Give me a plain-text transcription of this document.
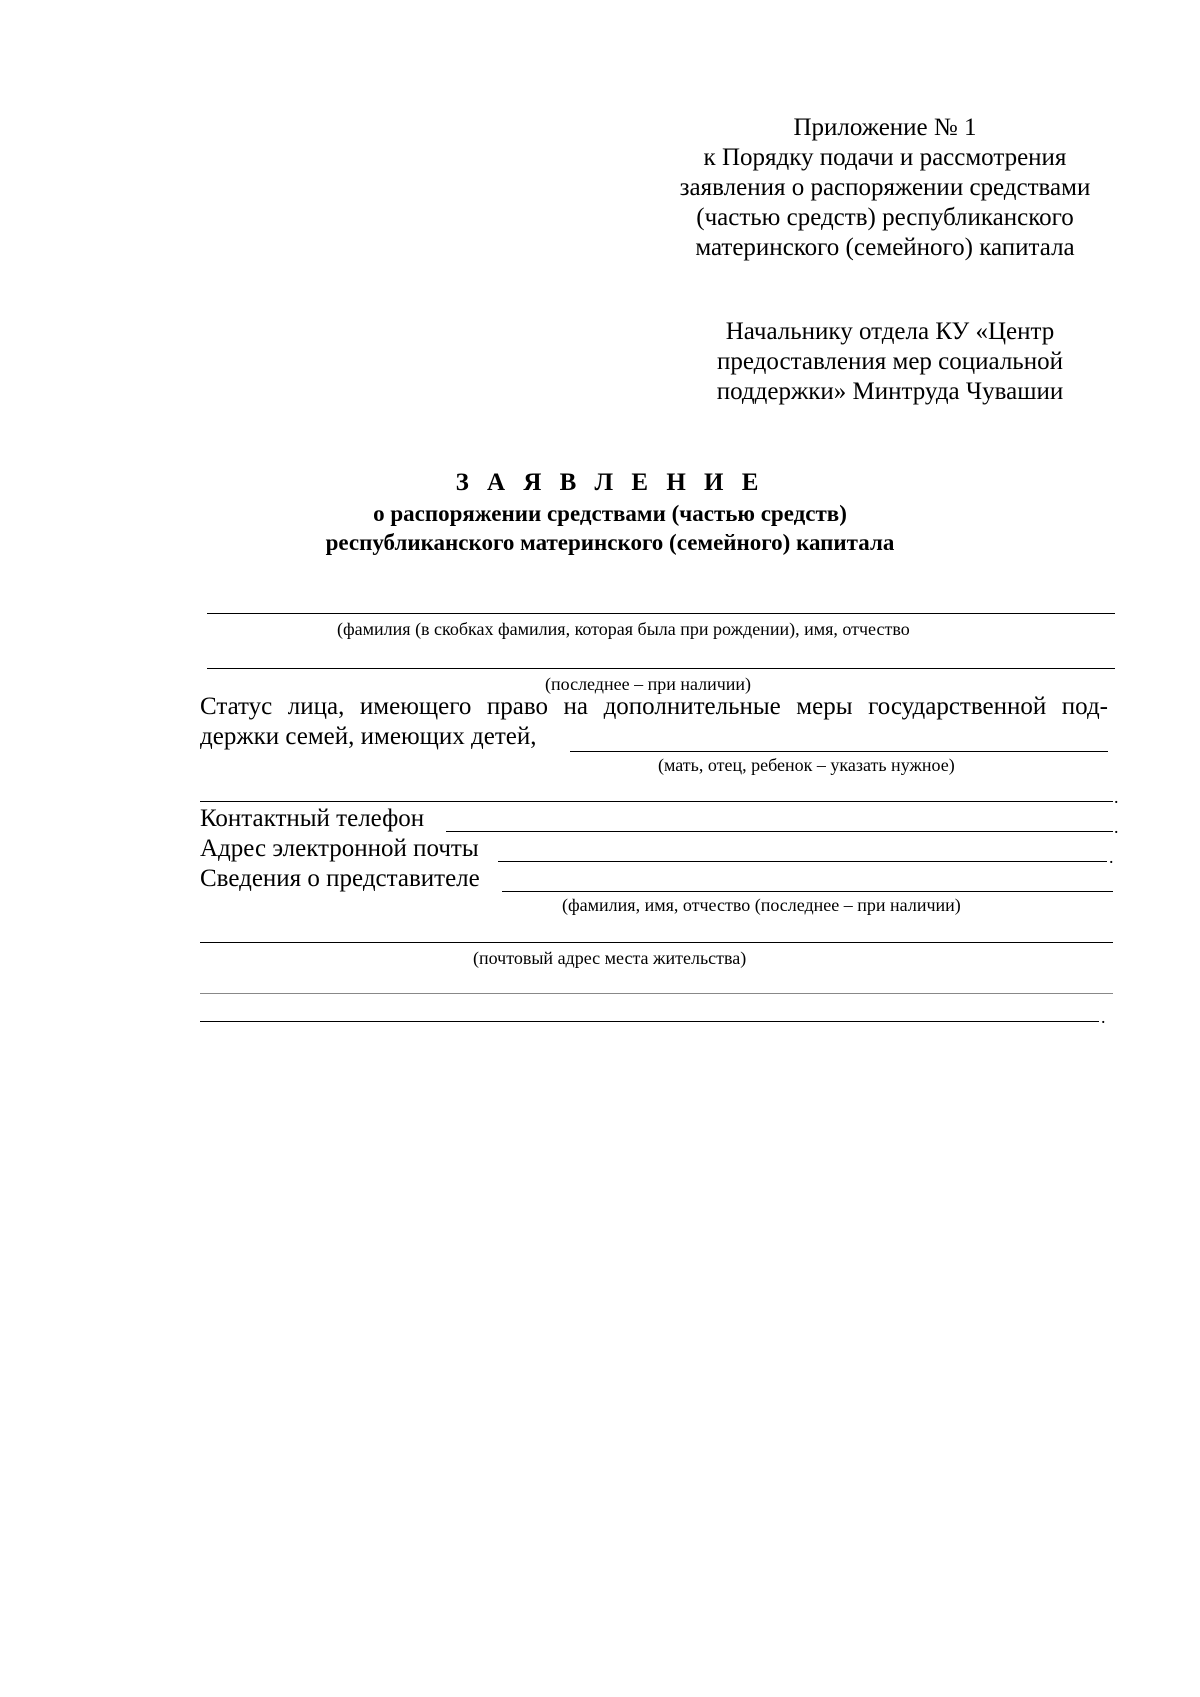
Приложение № 1
к Порядку подачи и рассмотрения
заявления о распоряжении средствами
(частью средств) республиканского
материнского (семейного) капитала
Начальнику отдела КУ «Центр
предоставления мер социальной
поддержки» Минтруда Чувашии
З А Я В Л Е Н И Е
о распоряжении средствами (частью средств)
республиканского материнского (семейного) капитала
(фамилия (в скобках фамилия, которая была при рождении), имя, отчество
(последнее – при наличии)
Статус лица, имеющего право на дополнительные меры государственной под-
держки семей, имеющих детей,
(мать, отец, ребенок – указать нужное)
.
Контактный телефон	.
Адрес электронной почты	.
Сведения о представителе
(фамилия, имя, отчество (последнее – при наличии)
(почтовый адрес места жительства)
.
